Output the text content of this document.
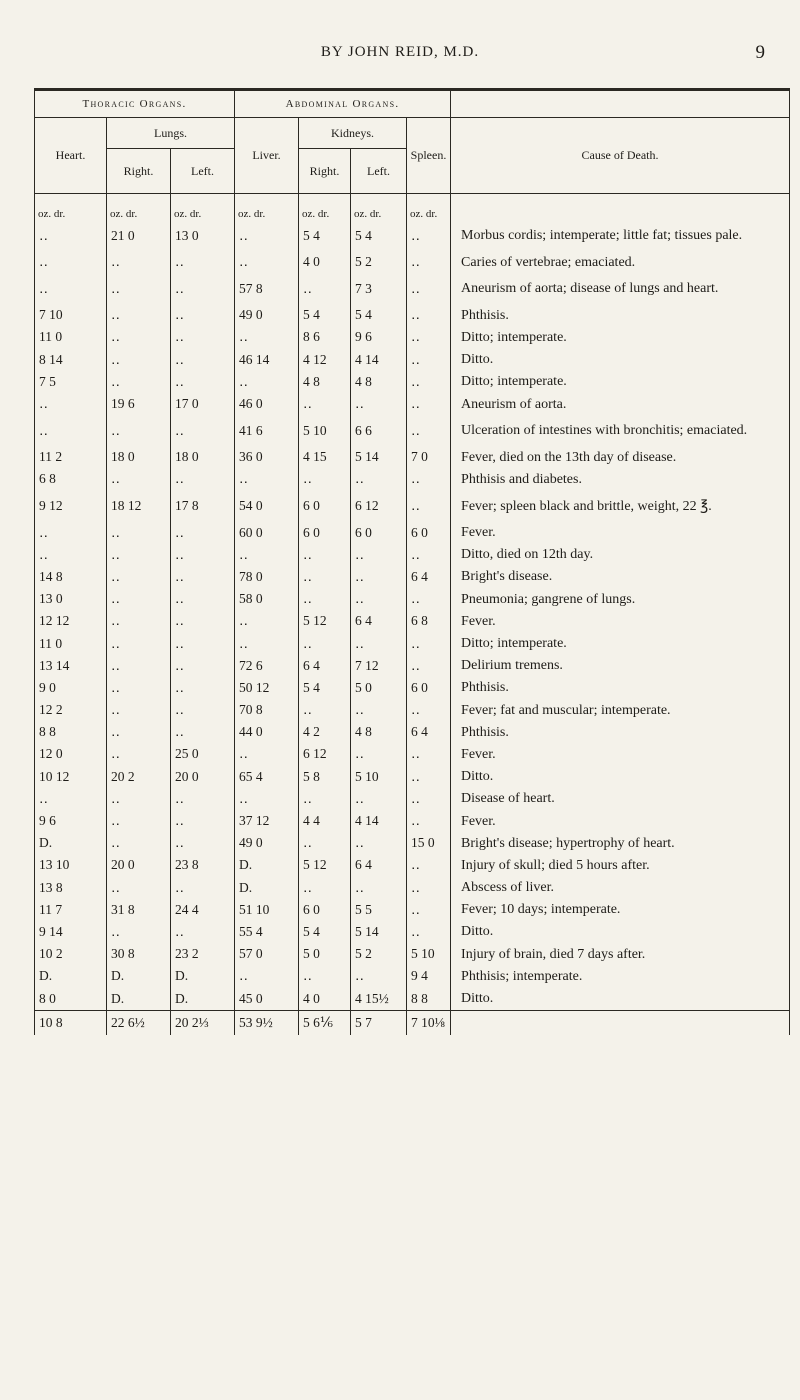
BY JOHN REID, M.D.	9
Thoracic Organs.			Abdominal Organs.				
Heart.	Lungs.		Liver.	Kidneys.		Spleen.	Cause of Death.
	Right.	Left.		Right.	Left.		
oz. dr.	oz. dr.	oz. dr.	oz. dr.	oz. dr.	oz. dr.	oz. dr.	
‥	21 0	13 0	‥	5 4	5 4	‥	Morbus cordis; intemperate; little fat; tissues pale.
‥	‥	‥	‥	4 0	5 2	‥	Caries of vertebrae; emaciated.
‥	‥	‥	57 8	‥	7 3	‥	Aneurism of aorta; disease of lungs and heart.
7 10	‥	‥	49 0	5 4	5 4	‥	Phthisis.
11 0	‥	‥	‥	8 6	9 6	‥	Ditto; intemperate.
8 14	‥	‥	46 14	4 12	4 14	‥	Ditto.
7 5	‥	‥	‥	4 8	4 8	‥	Ditto; intemperate.
‥	19 6	17 0	46 0	‥	‥	‥	Aneurism of aorta.
‥	‥	‥	41 6	5 10	6 6	‥	Ulceration of intestines with bronchitis; emaciated.
11 2	18 0	18 0	36 0	4 15	5 14	7 0	Fever, died on the 13th day of disease.
6 8	‥	‥	‥	‥	‥	‥	Phthisis and diabetes.
9 12	18 12	17 8	54 0	6 0	6 12	‥	Fever; spleen black and brittle, weight, 22 ℥.
‥	‥	‥	60 0	6 0	6 0	6 0	Fever.
‥	‥	‥	‥	‥	‥	‥	Ditto, died on 12th day.
14 8	‥	‥	78 0	‥	‥	6 4	Bright's disease.
13 0	‥	‥	58 0	‥	‥	‥	Pneumonia; gangrene of lungs.
12 12	‥	‥	‥	5 12	6 4	6 8	Fever.
11 0	‥	‥	‥	‥	‥	‥	Ditto; intemperate.
13 14	‥	‥	72 6	6 4	7 12	‥	Delirium tremens.
9 0	‥	‥	50 12	5 4	5 0	6 0	Phthisis.
12 2	‥	‥	70 8	‥	‥	‥	Fever; fat and muscular; intemperate.
8 8	‥	‥	44 0	4 2	4 8	6 4	Phthisis.
12 0	‥	25 0	‥	6 12	‥	‥	Fever.
10 12	20 2	20 0	65 4	5 8	5 10	‥	Ditto.
‥	‥	‥	‥	‥	‥	‥	Disease of heart.
9 6	‥	‥	37 12	4 4	4 14	‥	Fever.
D.	‥	‥	49 0	‥	‥	15 0	Bright's disease; hypertrophy of heart.
13 10	20 0	23 8	D.	5 12	6 4	‥	Injury of skull; died 5 hours after.
13 8	‥	‥	D.	‥	‥	‥	Abscess of liver.
11 7	31 8	24 4	51 10	6 0	5 5	‥	Fever; 10 days; intemperate.
9 14	‥	‥	55 4	5 4	5 14	‥	Ditto.
10 2	30 8	23 2	57 0	5 0	5 2	5 10	Injury of brain, died 7 days after.
D.	D.	D.	‥	‥	‥	9 4	Phthisis; intemperate.
8 0	D.	D.	45 0	4 0	4 15½	8 8	Ditto.
10 8	22 6½	20 2⅓	53 9½	5 6⅙	5 7	7 10⅛	
